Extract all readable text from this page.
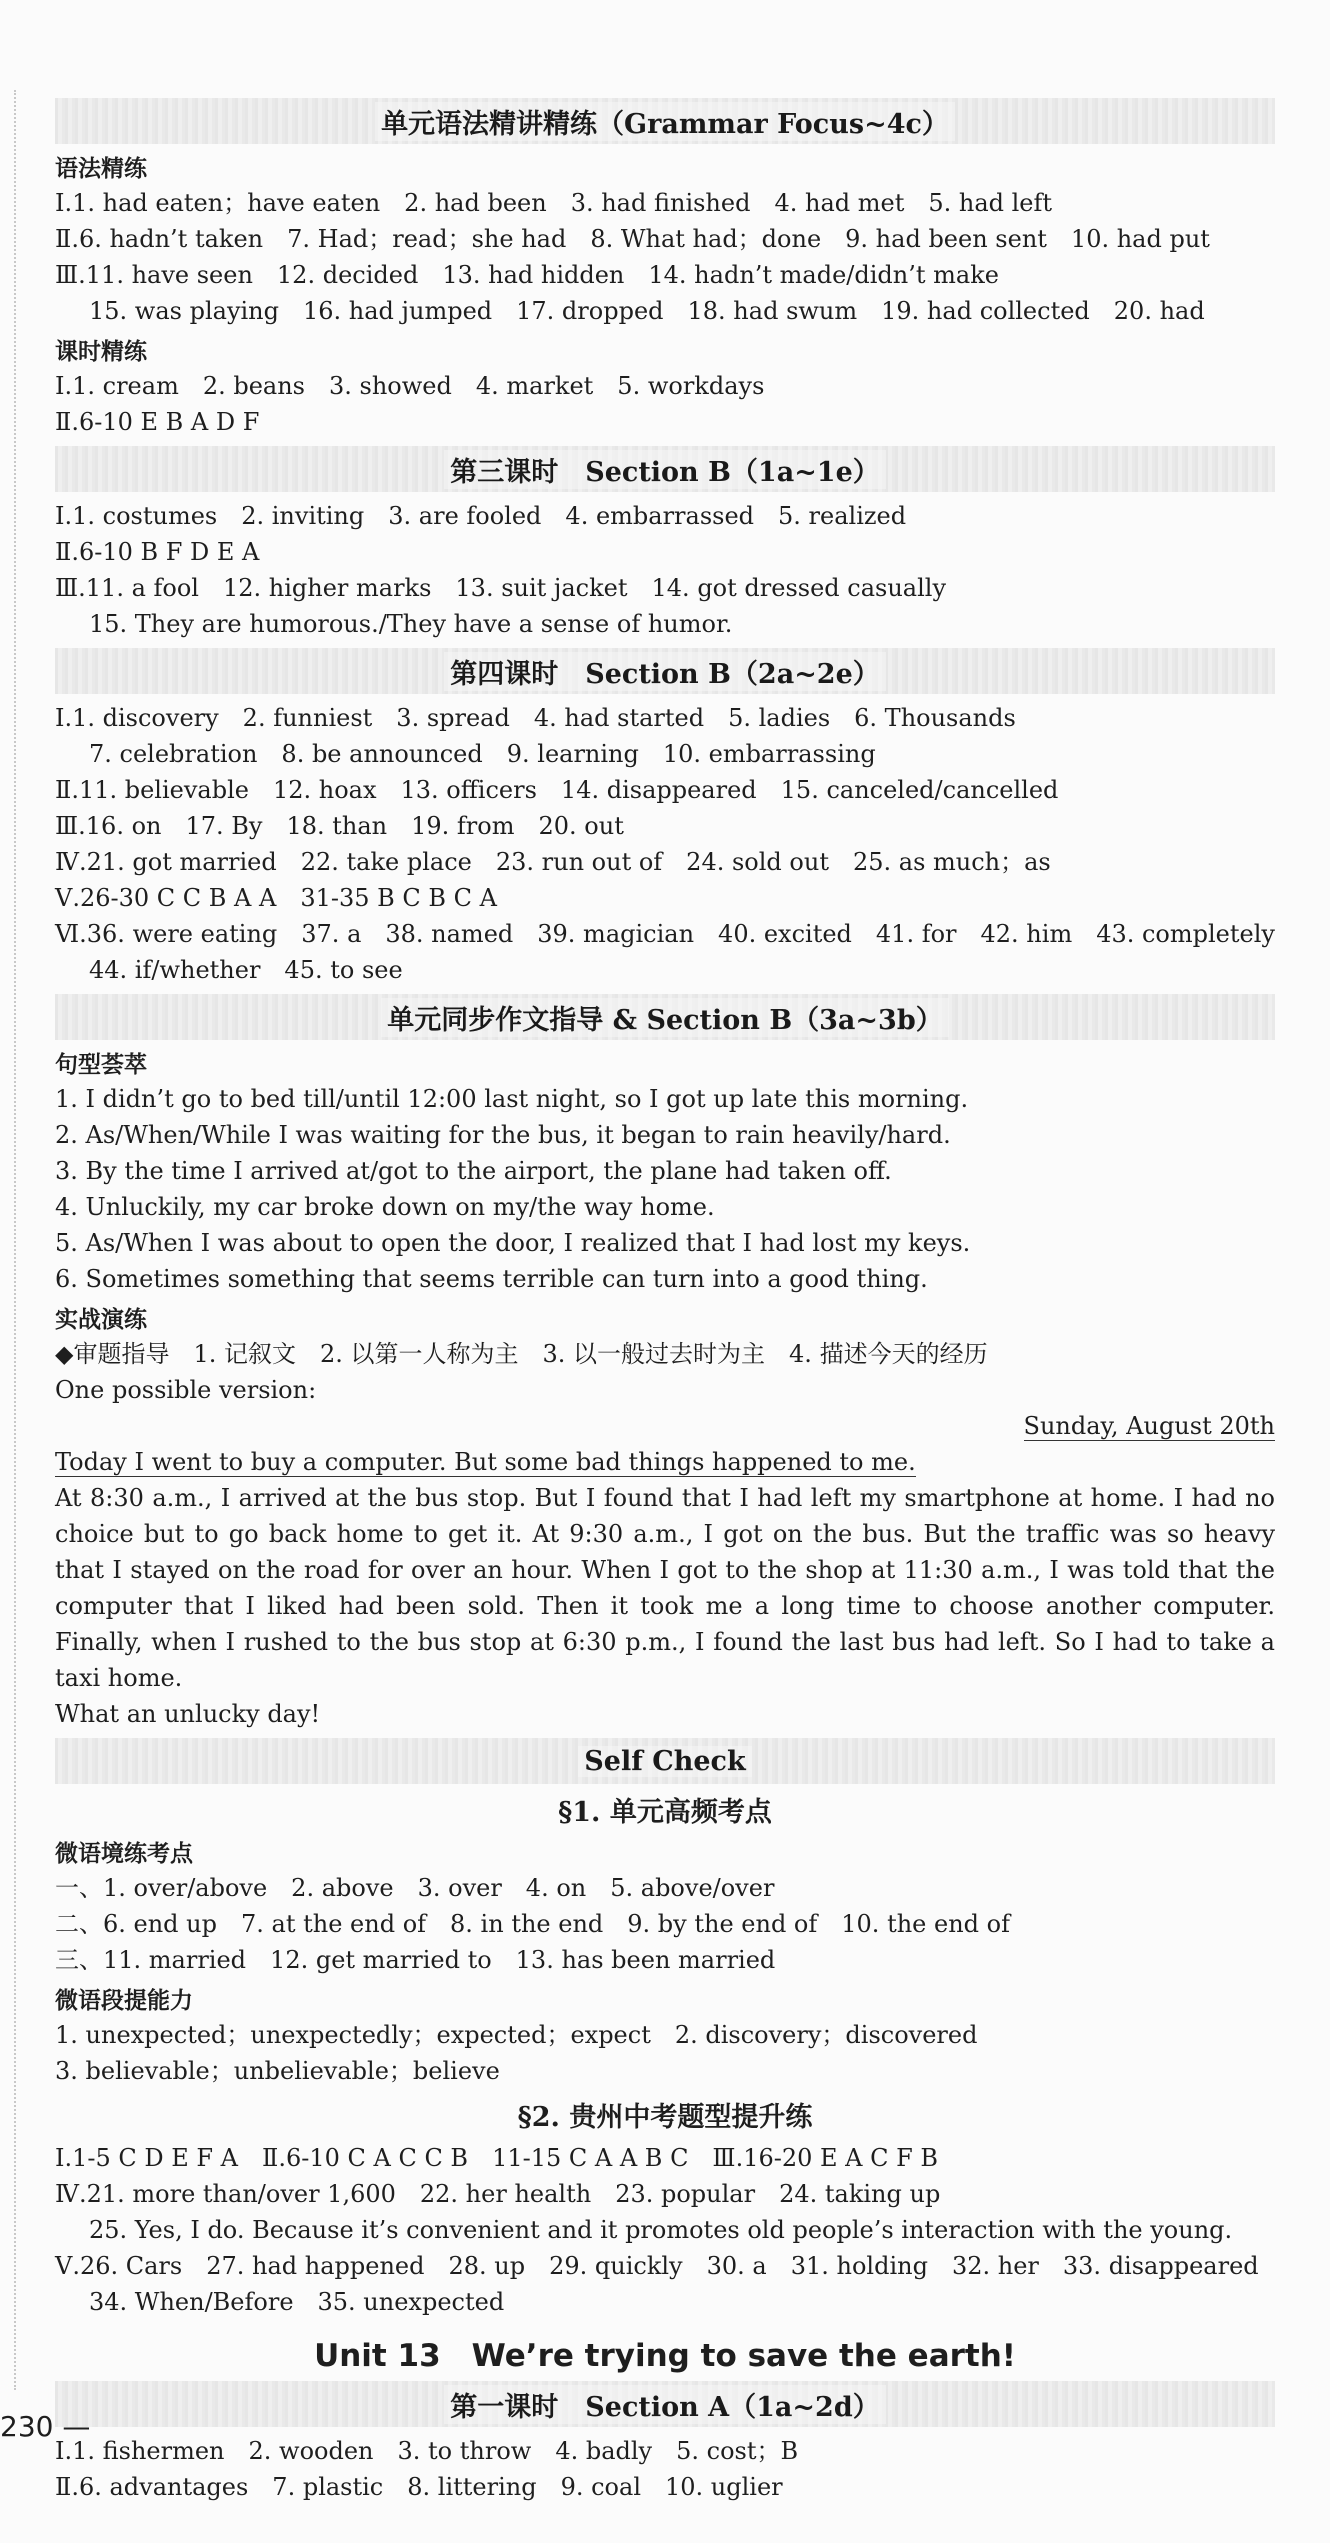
单元语法精讲精练（Grammar Focus~4c）
语法精练
Ⅰ.1. had eaten；have eaten　2. had been　3. had finished　4. had met　5. had left
Ⅱ.6. hadn’t taken　7. Had；read；she had　8. What had；done　9. had been sent　10. had put
Ⅲ.11. have seen　12. decided　13. had hidden　14. hadn’t made/didn’t make
15. was playing　16. had jumped　17. dropped　18. had swum　19. had collected　20. had
课时精练
Ⅰ.1. cream　2. beans　3. showed　4. market　5. workdays
Ⅱ.6-10 E B A D F
第三课时　Section B（1a~1e）
Ⅰ.1. costumes　2. inviting　3. are fooled　4. embarrassed　5. realized
Ⅱ.6-10 B F D E A
Ⅲ.11. a fool　12. higher marks　13. suit jacket　14. got dressed casually
15. They are humorous./They have a sense of humor.
第四课时　Section B（2a~2e）
Ⅰ.1. discovery　2. funniest　3. spread　4. had started　5. ladies　6. Thousands
7. celebration　8. be announced　9. learning　10. embarrassing
Ⅱ.11. believable　12. hoax　13. officers　14. disappeared　15. canceled/cancelled
Ⅲ.16. on　17. By　18. than　19. from　20. out
Ⅳ.21. got married　22. take place　23. run out of　24. sold out　25. as much；as
Ⅴ.26-30 C C B A A　31-35 B C B C A
Ⅵ.36. were eating　37. a　38. named　39. magician　40. excited　41. for　42. him　43. completely
44. if/whether　45. to see
单元同步作文指导 & Section B（3a~3b）
句型荟萃
1. I didn’t go to bed till/until 12:00 last night, so I got up late this morning.
2. As/When/While I was waiting for the bus, it began to rain heavily/hard.
3. By the time I arrived at/got to the airport, the plane had taken off.
4. Unluckily, my car broke down on my/the way home.
5. As/When I was about to open the door, I realized that I had lost my keys.
6. Sometimes something that seems terrible can turn into a good thing.
实战演练
◆审题指导　1. 记叙文　2. 以第一人称为主　3. 以一般过去时为主　4. 描述今天的经历
One possible version:
Sunday, August 20th
Today I went to buy a computer. But some bad things happened to me.
At 8:30 a.m., I arrived at the bus stop. But I found that I had left my smartphone at home. I had no choice but to go back home to get it. At 9:30 a.m., I got on the bus. But the traffic was so heavy that I stayed on the road for over an hour. When I got to the shop at 11:30 a.m., I was told that the computer that I liked had been sold. Then it took me a long time to choose another computer. Finally, when I rushed to the bus stop at 6:30 p.m., I found the last bus had left. So I had to take a taxi home.
What an unlucky day!
Self Check
§1. 单元高频考点
微语境练考点
一、1. over/above　2. above　3. over　4. on　5. above/over
二、6. end up　7. at the end of　8. in the end　9. by the end of　10. the end of
三、11. married　12. get married to　13. has been married
微语段提能力
1. unexpected；unexpectedly；expected；expect　2. discovery；discovered
3. believable；unbelievable；believe
§2. 贵州中考题型提升练
Ⅰ.1-5 C D E F A　Ⅱ.6-10 C A C C B　11-15 C A A B C　Ⅲ.16-20 E A C F B
Ⅳ.21. more than/over 1,600　22. her health　23. popular　24. taking up
25. Yes, I do. Because it’s convenient and it promotes old people’s interaction with the young.
Ⅴ.26. Cars　27. had happened　28. up　29. quickly　30. a　31. holding　32. her　33. disappeared
34. When/Before　35. unexpected
Unit 13　We’re trying to save the earth!
第一课时　Section A（1a~2d）
Ⅰ.1. fishermen　2. wooden　3. to throw　4. badly　5. cost；B
Ⅱ.6. advantages　7. plastic　8. littering　9. coal　10. uglier
230 —
